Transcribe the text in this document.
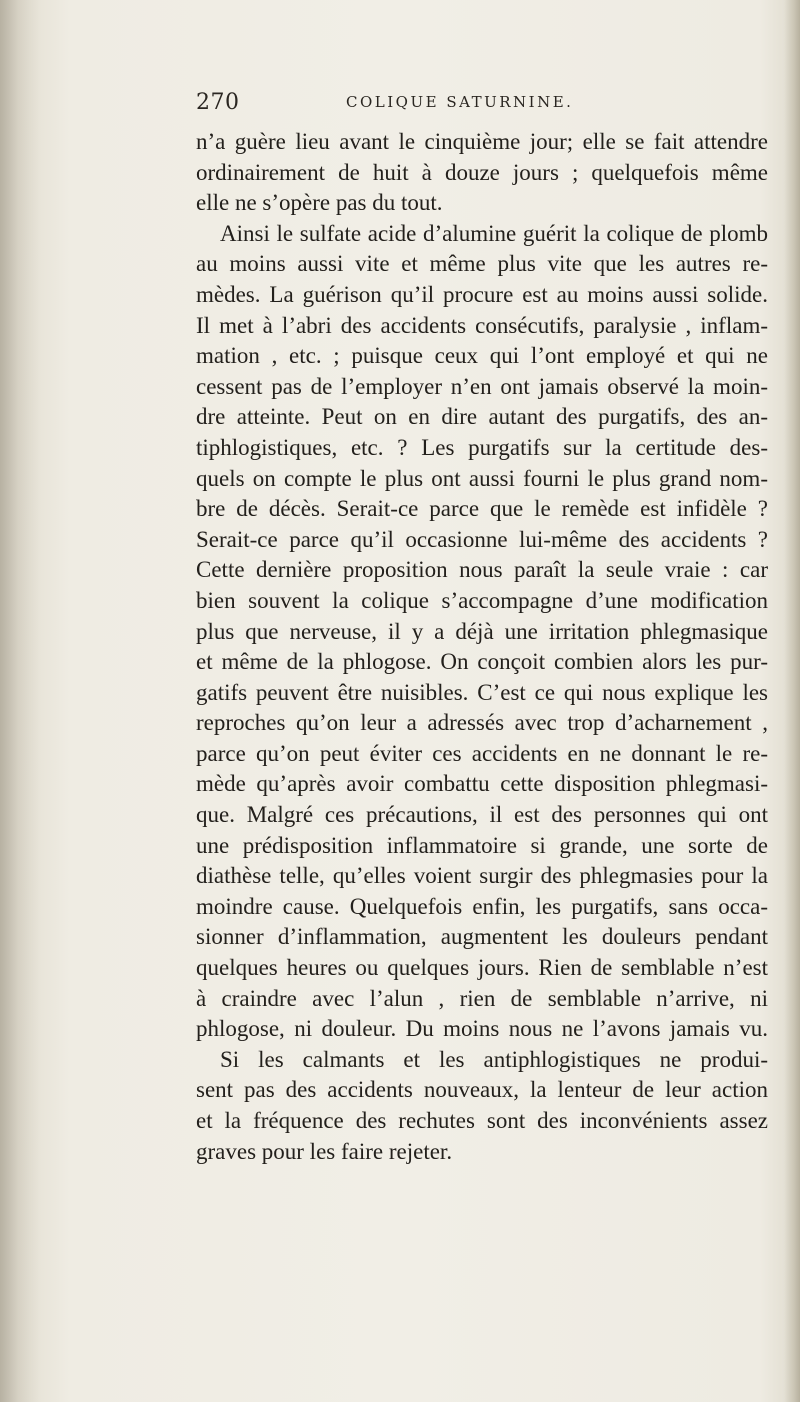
270	COLIQUE SATURNINE.
n’a guère lieu avant le cinquième jour; elle se fait attendre
ordinairement de huit à douze jours ; quelquefois même
elle ne s’opère pas du tout.
Ainsi le sulfate acide d’alumine guérit la colique de plomb
au moins aussi vite et même plus vite que les autres re-
mèdes. La guérison qu’il procure est au moins aussi solide.
Il met à l’abri des accidents consécutifs, paralysie , inflam-
mation , etc. ; puisque ceux qui l’ont employé et qui ne
cessent pas de l’employer n’en ont jamais observé la moin-
dre atteinte. Peut on en dire autant des purgatifs, des an-
tiphlogistiques, etc. ? Les purgatifs sur la certitude des-
quels on compte le plus ont aussi fourni le plus grand nom-
bre de décès. Serait-ce parce que le remède est infidèle ?
Serait-ce parce qu’il occasionne lui-même des accidents ?
Cette dernière proposition nous paraît la seule vraie : car
bien souvent la colique s’accompagne d’une modification
plus que nerveuse, il y a déjà une irritation phlegmasique
et même de la phlogose. On conçoit combien alors les pur-
gatifs peuvent être nuisibles. C’est ce qui nous explique les
reproches qu’on leur a adressés avec trop d’acharnement ,
parce qu’on peut éviter ces accidents en ne donnant le re-
mède qu’après avoir combattu cette disposition phlegmasi-
que. Malgré ces précautions, il est des personnes qui ont
une prédisposition inflammatoire si grande, une sorte de
diathèse telle, qu’elles voient surgir des phlegmasies pour la
moindre cause. Quelquefois enfin, les purgatifs, sans occa-
sionner d’inflammation, augmentent les douleurs pendant
quelques heures ou quelques jours. Rien de semblable n’est
à craindre avec l’alun , rien de semblable n’arrive, ni
phlogose, ni douleur. Du moins nous ne l’avons jamais vu.
Si les calmants et les antiphlogistiques ne produi-
sent pas des accidents nouveaux, la lenteur de leur action
et la fréquence des rechutes sont des inconvénients assez
graves pour les faire rejeter.
